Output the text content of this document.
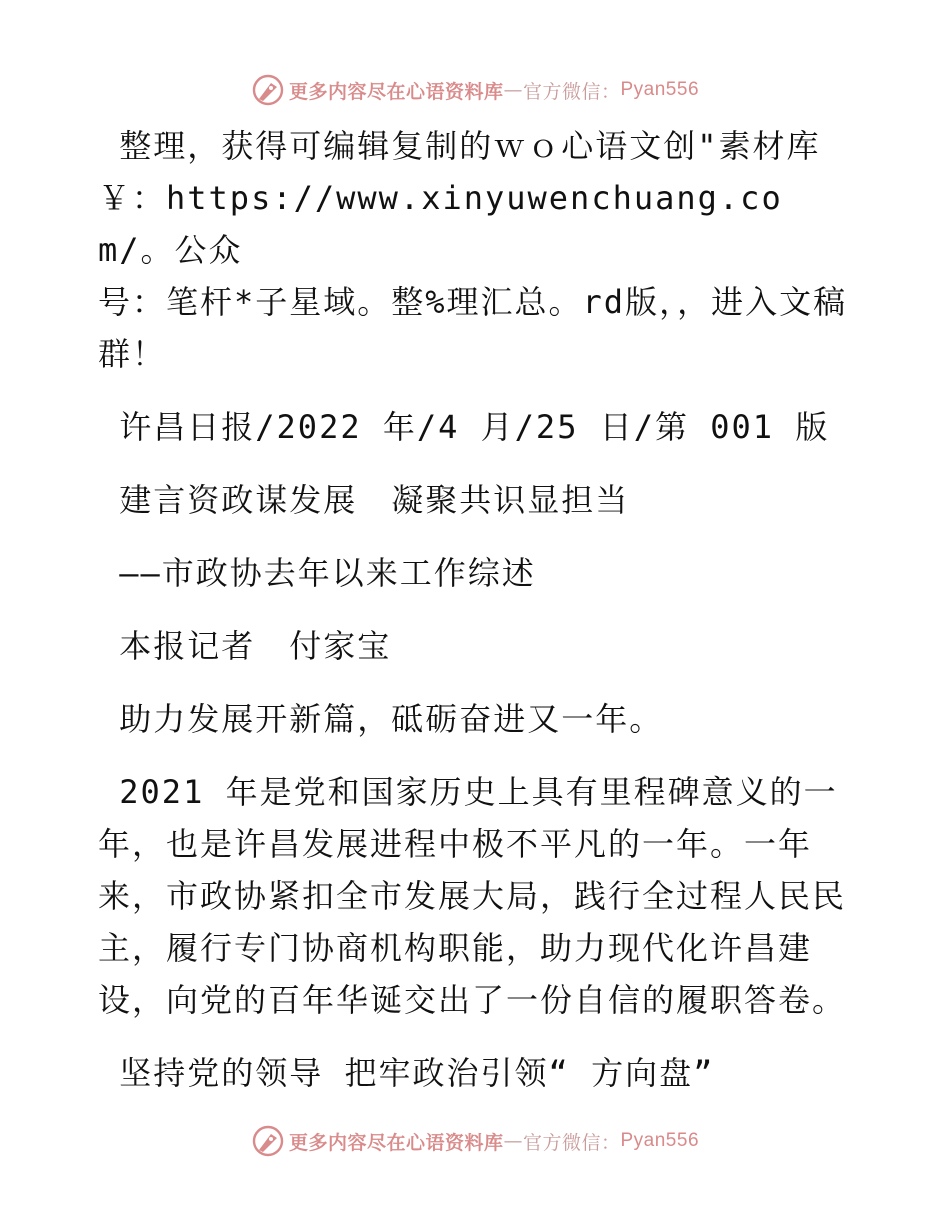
更多内容尽在心语资料库 — 官方微信： Pyan556

整理，获得可编辑复制的ｗｏ心语文创"素材库

￥：https://www.xinyuwenchuang.com/。公众

号：笔杆*子星域。整%理汇总。rd版，，进入文稿

群！

许昌日报/2022 年/4 月/25 日/第 001 版

建言资政谋发展　凝聚共识显担当

——市政协去年以来工作综述

本报记者　付家宝

助力发展开新篇，砥砺奋进又一年。

2021 年是党和国家历史上具有里程碑意义的一

年，也是许昌发展进程中极不平凡的一年。一年

来，市政协紧扣全市发展大局，践行全过程人民民

主，履行专门协商机构职能，助力现代化许昌建

设，向党的百年华诞交出了一份自信的履职答卷。

坚持党的领导 把牢政治引领“ 方向盘”

更多内容尽在心语资料库 — 官方微信： Pyan556
